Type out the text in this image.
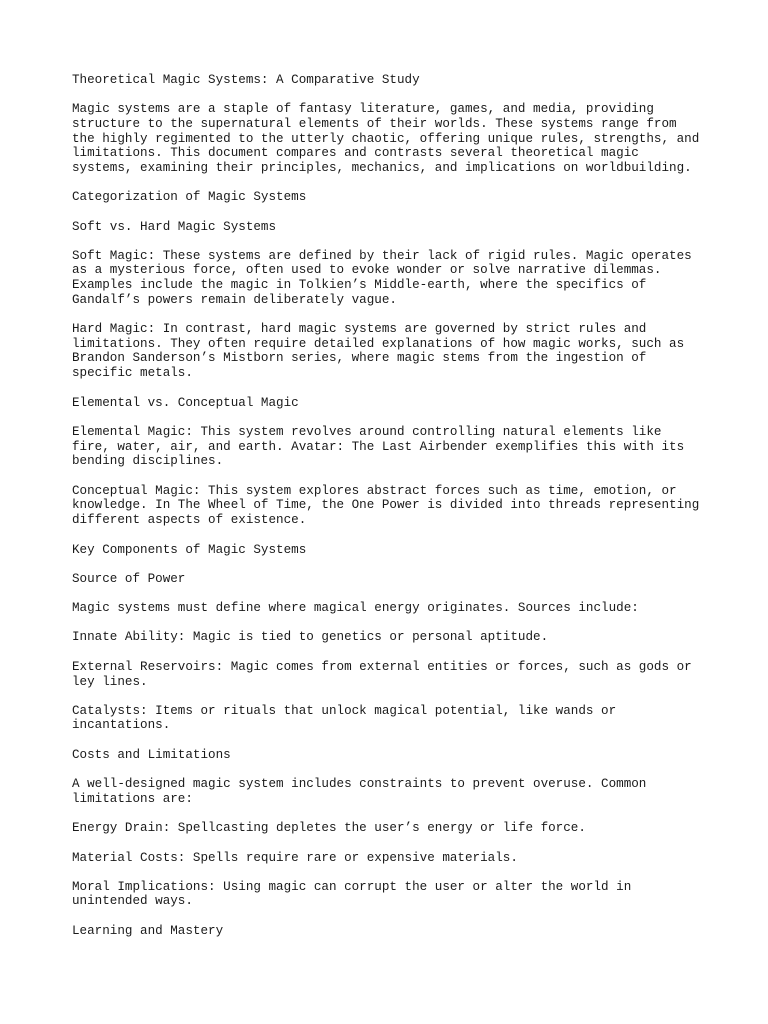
Theoretical Magic Systems: A Comparative Study

Magic systems are a staple of fantasy literature, games, and media, providing

structure to the supernatural elements of their worlds. These systems range from

the highly regimented to the utterly chaotic, offering unique rules, strengths, and

limitations. This document compares and contrasts several theoretical magic

systems, examining their principles, mechanics, and implications on worldbuilding.

Categorization of Magic Systems

Soft vs. Hard Magic Systems

Soft Magic: These systems are defined by their lack of rigid rules. Magic operates

as a mysterious force, often used to evoke wonder or solve narrative dilemmas.

Examples include the magic in Tolkien’s Middle-earth, where the specifics of

Gandalf’s powers remain deliberately vague.

Hard Magic: In contrast, hard magic systems are governed by strict rules and

limitations. They often require detailed explanations of how magic works, such as

Brandon Sanderson’s Mistborn series, where magic stems from the ingestion of

specific metals.

Elemental vs. Conceptual Magic

Elemental Magic: This system revolves around controlling natural elements like

fire, water, air, and earth. Avatar: The Last Airbender exemplifies this with its

bending disciplines.

Conceptual Magic: This system explores abstract forces such as time, emotion, or

knowledge. In The Wheel of Time, the One Power is divided into threads representing

different aspects of existence.

Key Components of Magic Systems

Source of Power

Magic systems must define where magical energy originates. Sources include:

Innate Ability: Magic is tied to genetics or personal aptitude.

External Reservoirs: Magic comes from external entities or forces, such as gods or

ley lines.

Catalysts: Items or rituals that unlock magical potential, like wands or

incantations.

Costs and Limitations

A well-designed magic system includes constraints to prevent overuse. Common

limitations are:

Energy Drain: Spellcasting depletes the user’s energy or life force.

Material Costs: Spells require rare or expensive materials.

Moral Implications: Using magic can corrupt the user or alter the world in

unintended ways.

Learning and Mastery
